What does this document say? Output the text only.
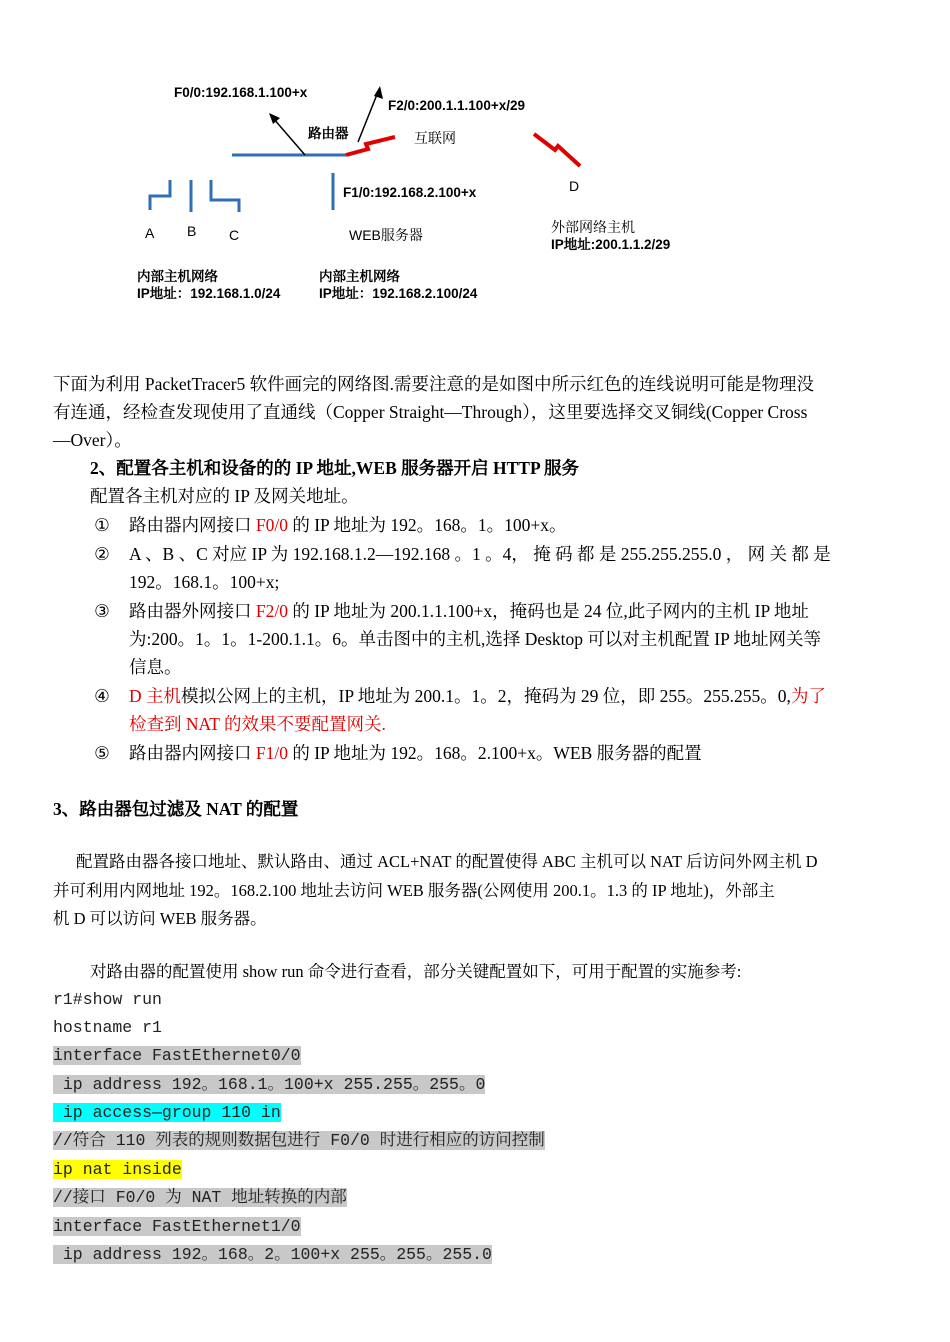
F0/0:192.168.1.100+x
F2/0:200.1.1.100+x/29
路由器	互联网
F1/0:192.168.2.100+x	D
A B C	WEB服务器	外部网络主机
IP地址:200.1.1.2/29
内部主机网络
IP地址：192.168.1.0/24
内部主机网络
IP地址：192.168.2.100/24
下面为利用 PacketTracer5 软件画完的网络图.需要注意的是如图中所示红色的连线说明可能是物理没
有连通，经检查发现使用了直通线（Copper Straight—Through），这里要选择交叉铜线(Copper Cross
—Over）。
2、配置各主机和设备的的 IP 地址,WEB 服务器开启 HTTP 服务
配置各主机对应的 IP 及网关地址。
① 路由器内网接口 F0/0 的 IP 地址为 192。168。1。100+x。
② A 、B 、C 对应 IP 为 192.168.1.2—192.168 。1 。4， 掩 码 都 是 255.255.255.0 ， 网 关 都 是
192。168.1。100+x;
③ 路由器外网接口 F2/0 的 IP 地址为 200.1.1.100+x，掩码也是 24 位,此子网内的主机 IP 地址
为:200。1。1。1-200.1.1。6。单击图中的主机,选择 Desktop 可以对主机配置 IP 地址网关等
信息。
④ D 主机模拟公网上的主机，IP 地址为 200.1。1。2，掩码为 29 位，即 255。255.255。0,为了
检查到 NAT 的效果不要配置网关.
⑤ 路由器内网接口 F1/0 的 IP 地址为 192。168。2.100+x。WEB 服务器的配置
3、路由器包过滤及 NAT 的配置
配置路由器各接口地址、默认路由、通过 ACL+NAT 的配置使得 ABC 主机可以 NAT 后访问外网主机 D
并可利用内网地址 192。168.2.100 地址去访问 WEB 服务器(公网使用 200.1。1.3 的 IP 地址)，外部主
机 D 可以访问 WEB 服务器。
对路由器的配置使用 show run 命令进行查看，部分关键配置如下，可用于配置的实施参考:
r1#show run
hostname r1
interface FastEthernet0/0
ip address 192。168.1。100+x 255.255。255。0
ip access—group 110 in
//符合 110 列表的规则数据包进行 F0/0 时进行相应的访问控制
ip nat inside
//接口 F0/0 为 NAT 地址转换的内部
interface FastEthernet1/0
ip address 192。168。2。100+x 255。255。255.0
